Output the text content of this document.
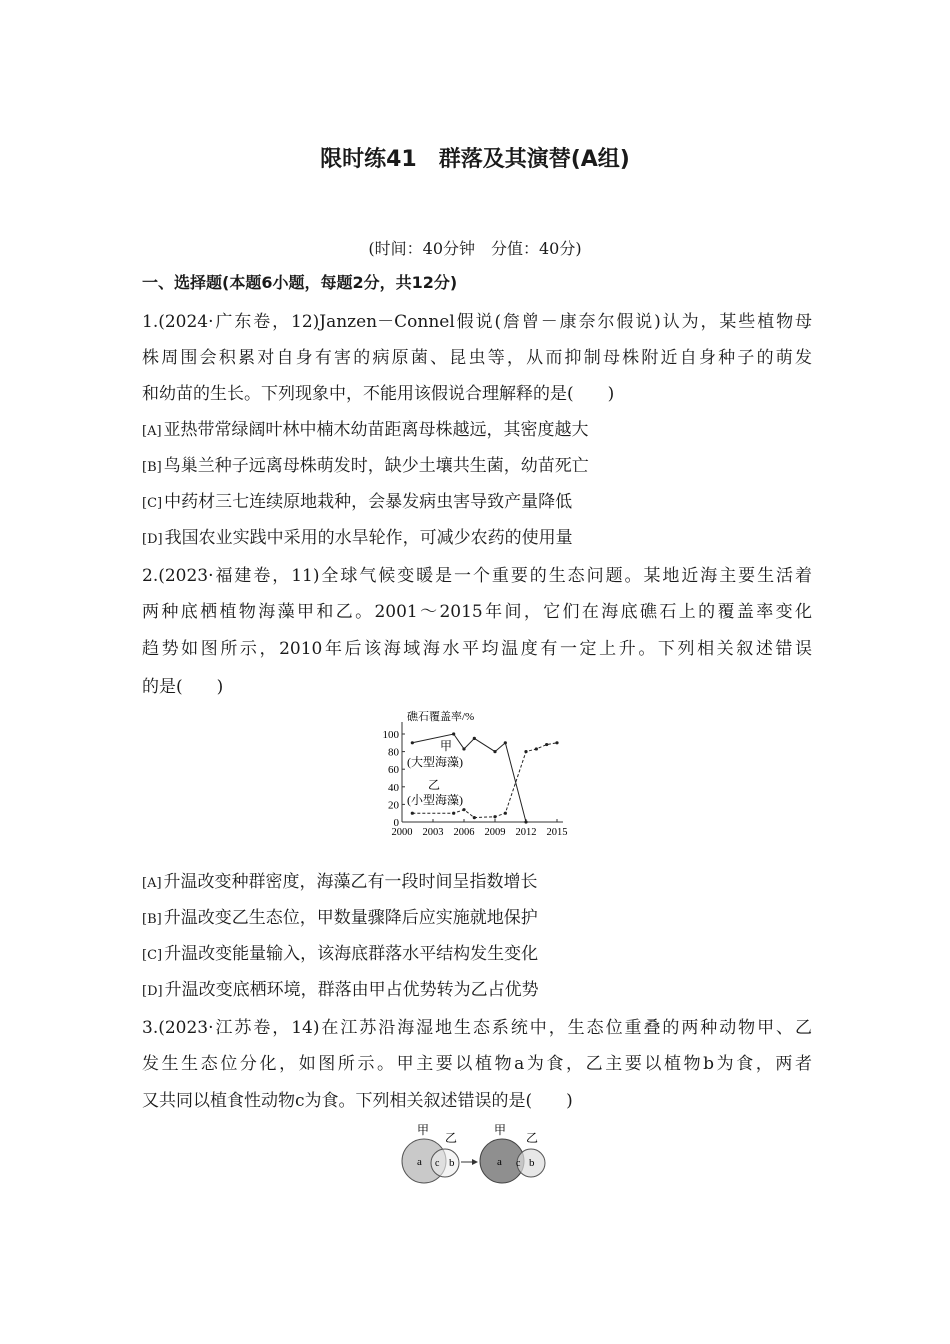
限时练41　群落及其演替(A组)
(时间：40分钟　分值：40分)
一、选择题(本题6小题，每题2分，共12分)
1.(2024·广东卷，12)Janzen－Connel假说(詹曾－康奈尔假说)认为，某些植物母
株周围会积累对自身有害的病原菌、昆虫等，从而抑制母株附近自身种子的萌发
和幼苗的生长。下列现象中，不能用该假说合理解释的是(　　)
[A] 亚热带常绿阔叶林中楠木幼苗距离母株越远，其密度越大
[B] 鸟巢兰种子远离母株萌发时，缺少土壤共生菌，幼苗死亡
[C] 中药材三七连续原地栽种，会暴发病虫害导致产量降低
[D] 我国农业实践中采用的水旱轮作，可减少农药的使用量
2.(2023·福建卷，11)全球气候变暖是一个重要的生态问题。某地近海主要生活着
两种底栖植物海藻甲和乙。2001～2015年间，它们在海底礁石上的覆盖率变化
趋势如图所示，2010年后该海域海水平均温度有一定上升。下列相关叙述错误
的是(　　)
礁石覆盖率/%
0
20
40
60
80
100
2000 2003 2006 2009 2012 2015
甲
(大型海藻)
乙
(小型海藻)
[A] 升温改变种群密度，海藻乙有一段时间呈指数增长
[B] 升温改变乙生态位，甲数量骤降后应实施就地保护
[C] 升温改变能量输入，该海底群落水平结构发生变化
[D] 升温改变底栖环境，群落由甲占优势转为乙占优势
3.(2023·江苏卷，14)在江苏沿海湿地生态系统中，生态位重叠的两种动物甲、乙
发生生态位分化，如图所示。甲主要以植物a为食，乙主要以植物b为食，两者
又共同以植食性动物c为食。下列相关叙述错误的是(　　)
甲
乙
a c b
甲
乙
a c b
